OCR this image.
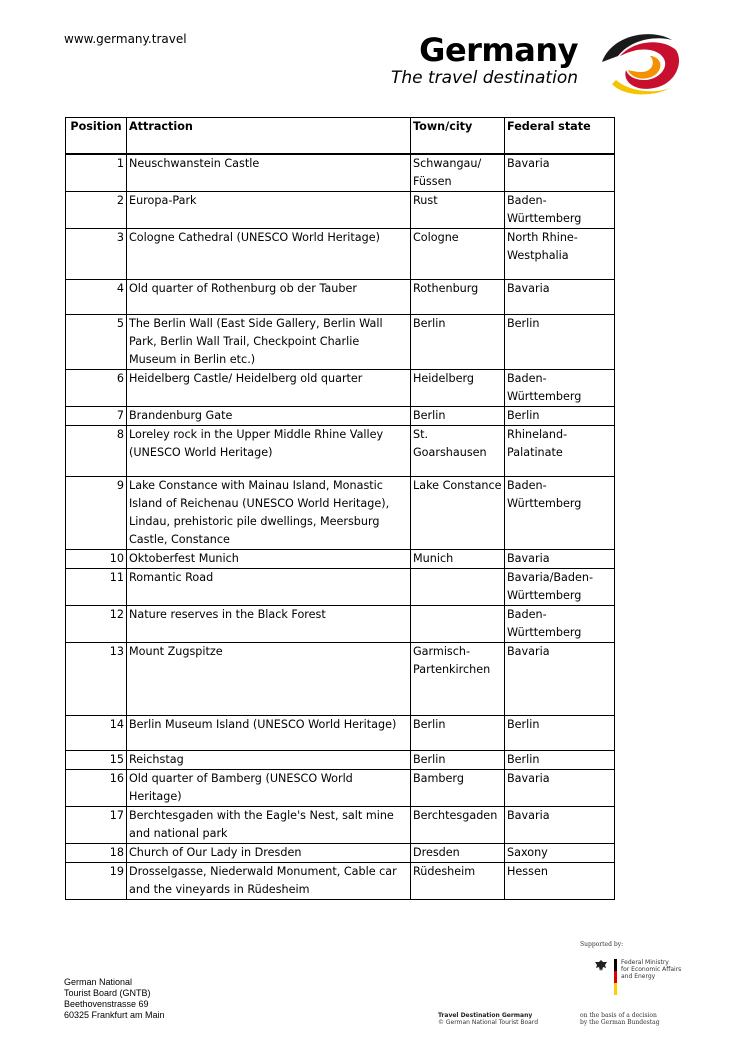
www.germany.travel	Germany
The travel destination
Position	Attraction	Town/city	Federal state
1	Neuschwanstein Castle	Schwangau/ Füssen	Bavaria
2	Europa-Park	Rust	Baden-Württemberg
3	Cologne Cathedral (UNESCO World Heritage)	Cologne	North Rhine-Westphalia
4	Old quarter of Rothenburg ob der Tauber	Rothenburg	Bavaria
5	The Berlin Wall (East Side Gallery, Berlin Wall Park, Berlin Wall Trail, Checkpoint Charlie Museum in Berlin etc.)	Berlin	Berlin
6	Heidelberg Castle/ Heidelberg old quarter	Heidelberg	Baden-Württemberg
7	Brandenburg Gate	Berlin	Berlin
8	Loreley rock in the Upper Middle Rhine Valley (UNESCO World Heritage)	St. Goarshausen	Rhineland-Palatinate
9	Lake Constance with Mainau Island, Monastic Island of Reichenau (UNESCO World Heritage), Lindau, prehistoric pile dwellings, Meersburg Castle, Constance	Lake Constance	Baden-Württemberg
10	Oktoberfest Munich	Munich	Bavaria
11	Romantic Road		Bavaria/Baden-Württemberg
12	Nature reserves in the Black Forest		Baden-Württemberg
13	Mount Zugspitze	Garmisch-Partenkirchen	Bavaria
14	Berlin Museum Island (UNESCO World Heritage)	Berlin	Berlin
15	Reichstag	Berlin	Berlin
16	Old quarter of Bamberg (UNESCO World Heritage)	Bamberg	Bavaria
17	Berchtesgaden with the Eagle's Nest, salt mine and national park	Berchtesgaden	Bavaria
18	Church of Our Lady in Dresden	Dresden	Saxony
19	Drosselgasse, Niederwald Monument, Cable car and the vineyards in Rüdesheim	Rüdesheim	Hessen
Supported by:
Federal Ministry
for Economic Affairs
and Energy
German National
Tourist Board (GNTB)
Beethovenstrasse 69
60325 Frankfurt am Main	Travel Destination Germany
© German National Tourist Board
on the basis of a decision
by the German Bundestag
